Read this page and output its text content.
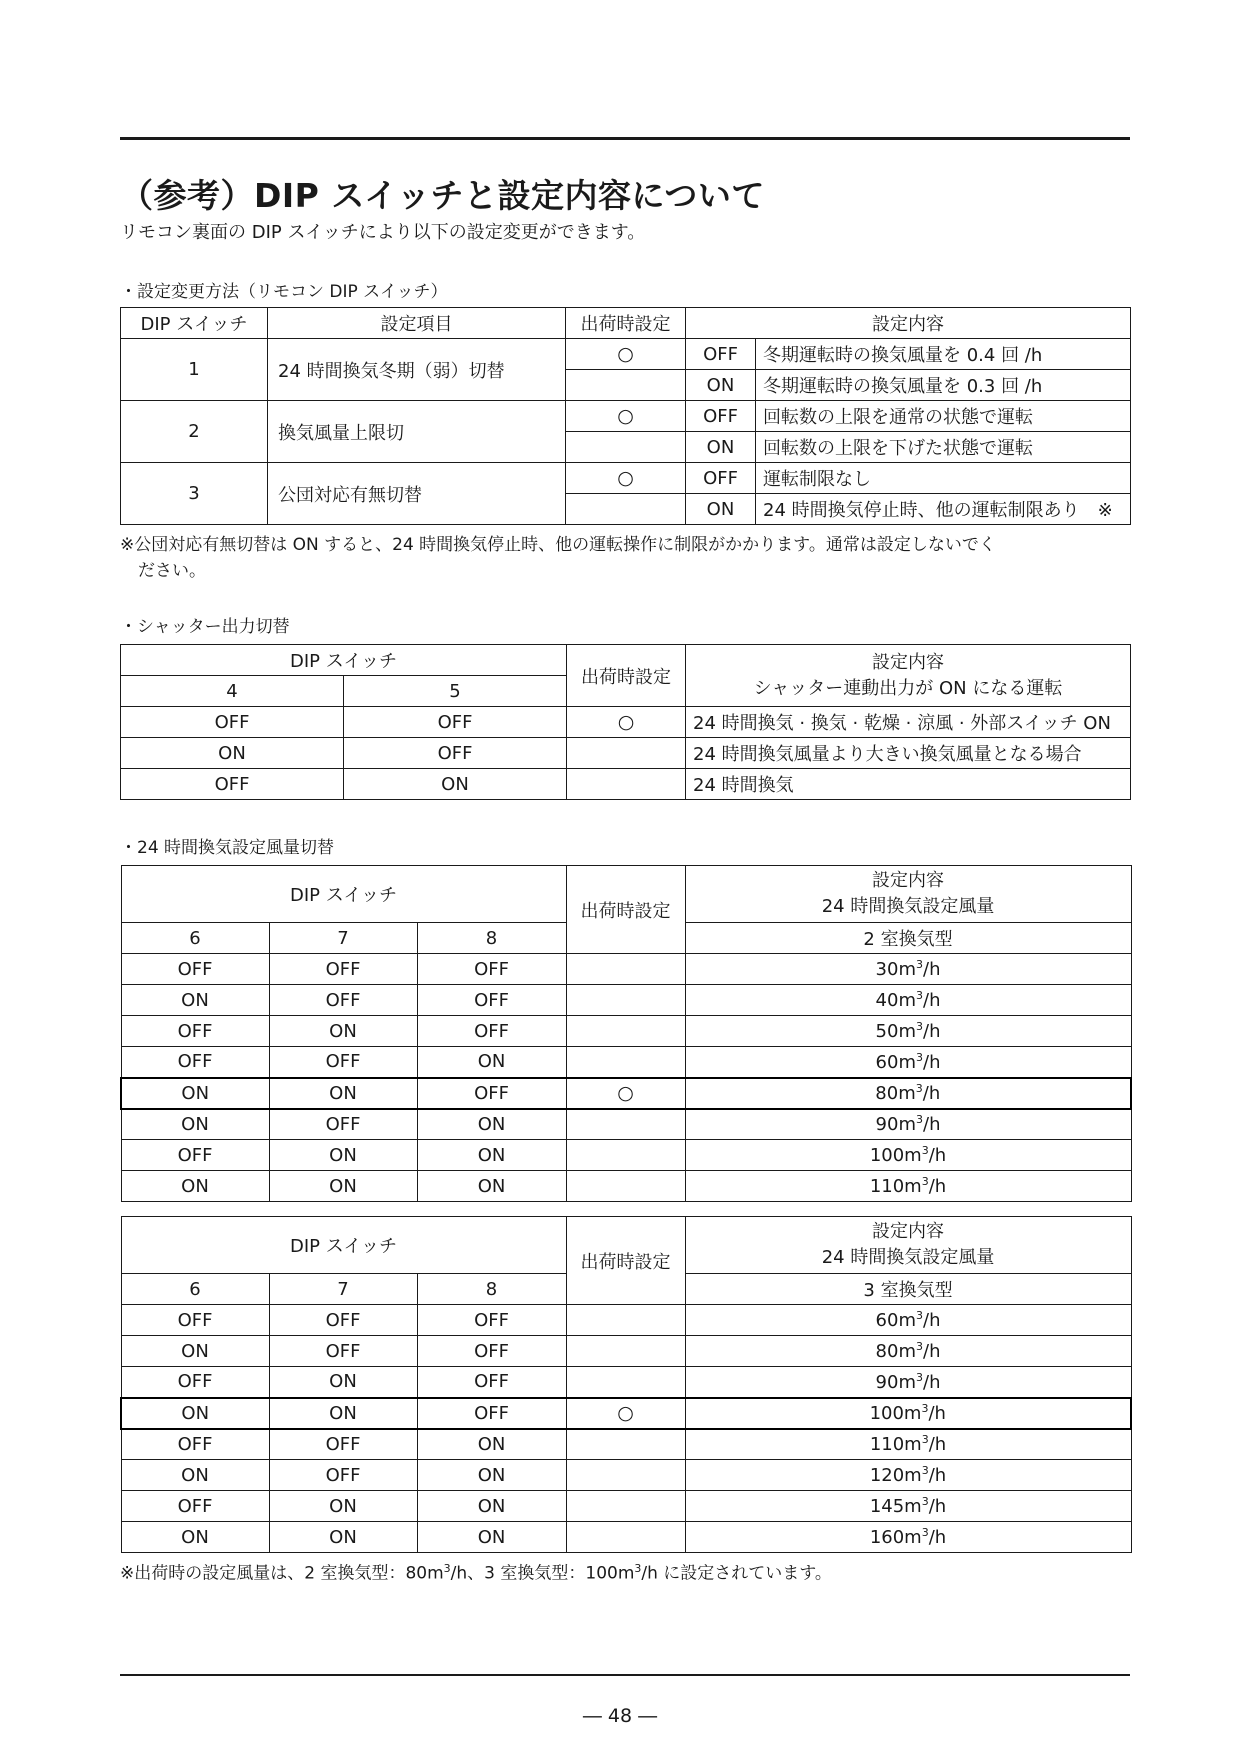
（参考）DIP スイッチと設定内容について

リモコン裏面の DIP スイッチにより以下の設定変更ができます。

・設定変更方法（リモコン DIP スイッチ）

DIP スイッチ	設定項目	出荷時設定	設定内容	
1	24 時間換気冬期（弱）切替	○	OFF	冬期運転時の換気風量を 0.4 回 /h
			ON	冬期運転時の換気風量を 0.3 回 /h
2	換気風量上限切	○	OFF	回転数の上限を通常の状態で運転
			ON	回転数の上限を下げた状態で運転
3	公団対応有無切替	○	OFF	運転制限なし
			ON	24 時間換気停止時、他の運転制限あり　※

※公団対応有無切替は ON すると、24 時間換気停止時、他の運転操作に制限がかかります。通常は設定しないでく
ださい。

・シャッター出力切替

DIP スイッチ		出荷時設定	設定内容
シャッター連動出力が ON になる運転

4	5		
OFF	OFF	○	24 時間換気 · 換気 · 乾燥 · 涼風 · 外部スイッチ ON
ON	OFF		24 時間換気風量より大きい換気風量となる場合
OFF	ON		24 時間換気

・24 時間換気設定風量切替

DIP スイッチ			出荷時設定	設定内容
24 時間換気設定風量

6	7	8		2 室換気型
OFF	OFF	OFF		$30m^3/h$
ON	OFF	OFF		$40m^3/h$
OFF	ON	OFF		$50m^3/h$
OFF	OFF	ON		$60m^3/h$
ON	ON	OFF	○	$80m^3/h$
ON	OFF	ON		$90m^3/h$
OFF	ON	ON		$100m^3/h$
ON	ON	ON		$110m^3/h$
DIP スイッチ			出荷時設定	設定内容
24 時間換気設定風量

6	7	8		3 室換気型
OFF	OFF	OFF		$60m^3/h$
ON	OFF	OFF		$80m^3/h$
OFF	ON	OFF		$90m^3/h$
ON	ON	OFF	○	$100m^3/h$
OFF	OFF	ON		$110m^3/h$
ON	OFF	ON		$120m^3/h$
OFF	ON	ON		$145m^3/h$
ON	ON	ON		$160m^3/h$

※出荷時の設定風量は、2 室換気型：$80m^3/h$、3 室換気型：$100m^3/h$ に設定されています。

― 48 ―
